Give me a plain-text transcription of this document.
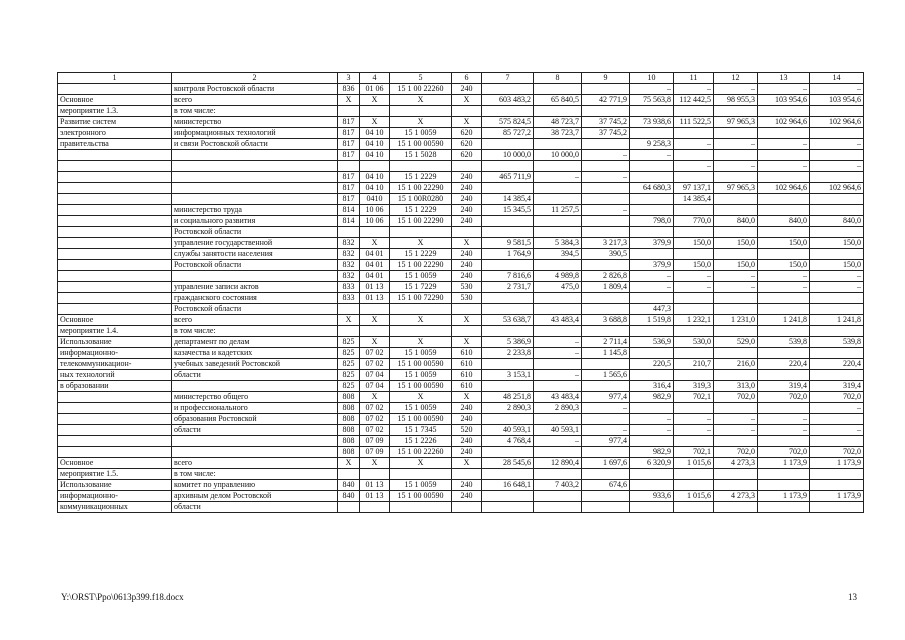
1	2	3	4	5	6	7	8	9	10	11	12	13	14
	контроля Ростовской области	836	01 06	15 1 00 22260	240				–	–	–	–	–
Основное	всего	X	X	X	X	603 483,2	65 840,5	42 771,9	75 563,8	112 442,5	98 955,3	103 954,6	103 954,6
мероприятие 1.3.	в том числе:												
Развитие систем	министерство	817	X	X	X	575 824,5	48 723,7	37 745,2	73 938,6	111 522,5	97 965,3	102 964,6	102 964,6
электронного	информационных технологий	817	04 10	15 1 0059	620	85 727,2	38 723,7	37 745,2					
правительства	и связи Ростовской области	817	04 10	15 1 00 00590	620				9 258,3	–	–	–	–
		817	04 10	15 1 5028	620	10 000,0	10 000,0	–	–				
										–	–	–	–
		817	04 10	15 1 2229	240	465 711,9	–	–					
		817	04 10	15 1 00 22290	240				64 680,3	97 137,1	97 965,3	102 964,6	102 964,6
		817	0410	15 1 00R0280	240	14 385,4				14 385,4			
	министерство труда	814	10 06	15 1 2229	240	15 345,5	11 257,5	–					
	и социального развития	814	10 06	15 1 00 22290	240				798,0	770,0	840,0	840,0	840,0
	Ростовской области												
	управление государственной	832	X	X	X	9 581,5	5 384,3	3 217,3	379,9	150,0	150,0	150,0	150,0
	службы занятости населения	832	04 01	15 1 2229	240	1 764,9	394,5	390,5					
	Ростовской области	832	04 01	15 1 00 22290	240				379,9	150,0	150,0	150,0	150,0
		832	04 01	15 1 0059	240	7 816,6	4 989,8	2 826,8	–	–	–	–	–
	управление записи актов	833	01 13	15 1 7229	530	2 731,7	475,0	1 809,4	–	–	–	–	–
	гражданского состояния	833	01 13	15 1 00 72290	530								
	Ростовской области								447,3				
Основное	всего	X	X	X	X	53 638,7	43 483,4	3 688,8	1 519,8	1 232,1	1 231,0	1 241,8	1 241,8
мероприятие 1.4.	в том числе:												
Использование	департамент по делам	825	X	X	X	5 386,9	–	2 711,4	536,9	530,0	529,0	539,8	539,8
информационно-	казачества и кадетских	825	07 02	15 1 0059	610	2 233,8	–	1 145,8					
телекоммуникацион-	учебных заведений Ростовской	825	07 02	15 1 00 00590	610				220,5	210,7	216,0	220,4	220,4
ных технологий	области	825	07 04	15 1 0059	610	3 153,1	–	1 565,6					
в образовании		825	07 04	15 1 00 00590	610				316,4	319,3	313,0	319,4	319,4
	министерство общего	808	X	X	X	48 251,8	43 483,4	977,4	982,9	702,1	702,0	702,0	702,0
	и профессионального	808	07 02	15 1 0059	240	2 890,3	2 890,3	–					–
	образования Ростовской	808	07 02	15 1 00 00590	240				–	–	–	–	
	области	808	07 02	15 1 7345	520	40 593,1	40 593,1	–	–	–	–	–	–
		808	07 09	15 1 2226	240	4 768,4	–	977,4					
		808	07 09	15 1 00 22260	240				982,9	702,1	702,0	702,0	702,0
Основное	всего	X	X	X	X	28 545,6	12 890,4	1 697,6	6 320,9	1 015,6	4 273,3	1 173,9	1 173,9
мероприятие 1.5.	в том числе:												
Использование	комитет по управлению	840	01 13	15 1 0059	240	16 648,1	7 403,2	674,6					
информационно-	архивным делом Ростовской	840	01 13	15 1 00 00590	240				933,6	1 015,6	4 273,3	1 173,9	1 173,9
коммуникационных	области												
Y:\ORST\Ppo\0613p399.f18.docx	13
